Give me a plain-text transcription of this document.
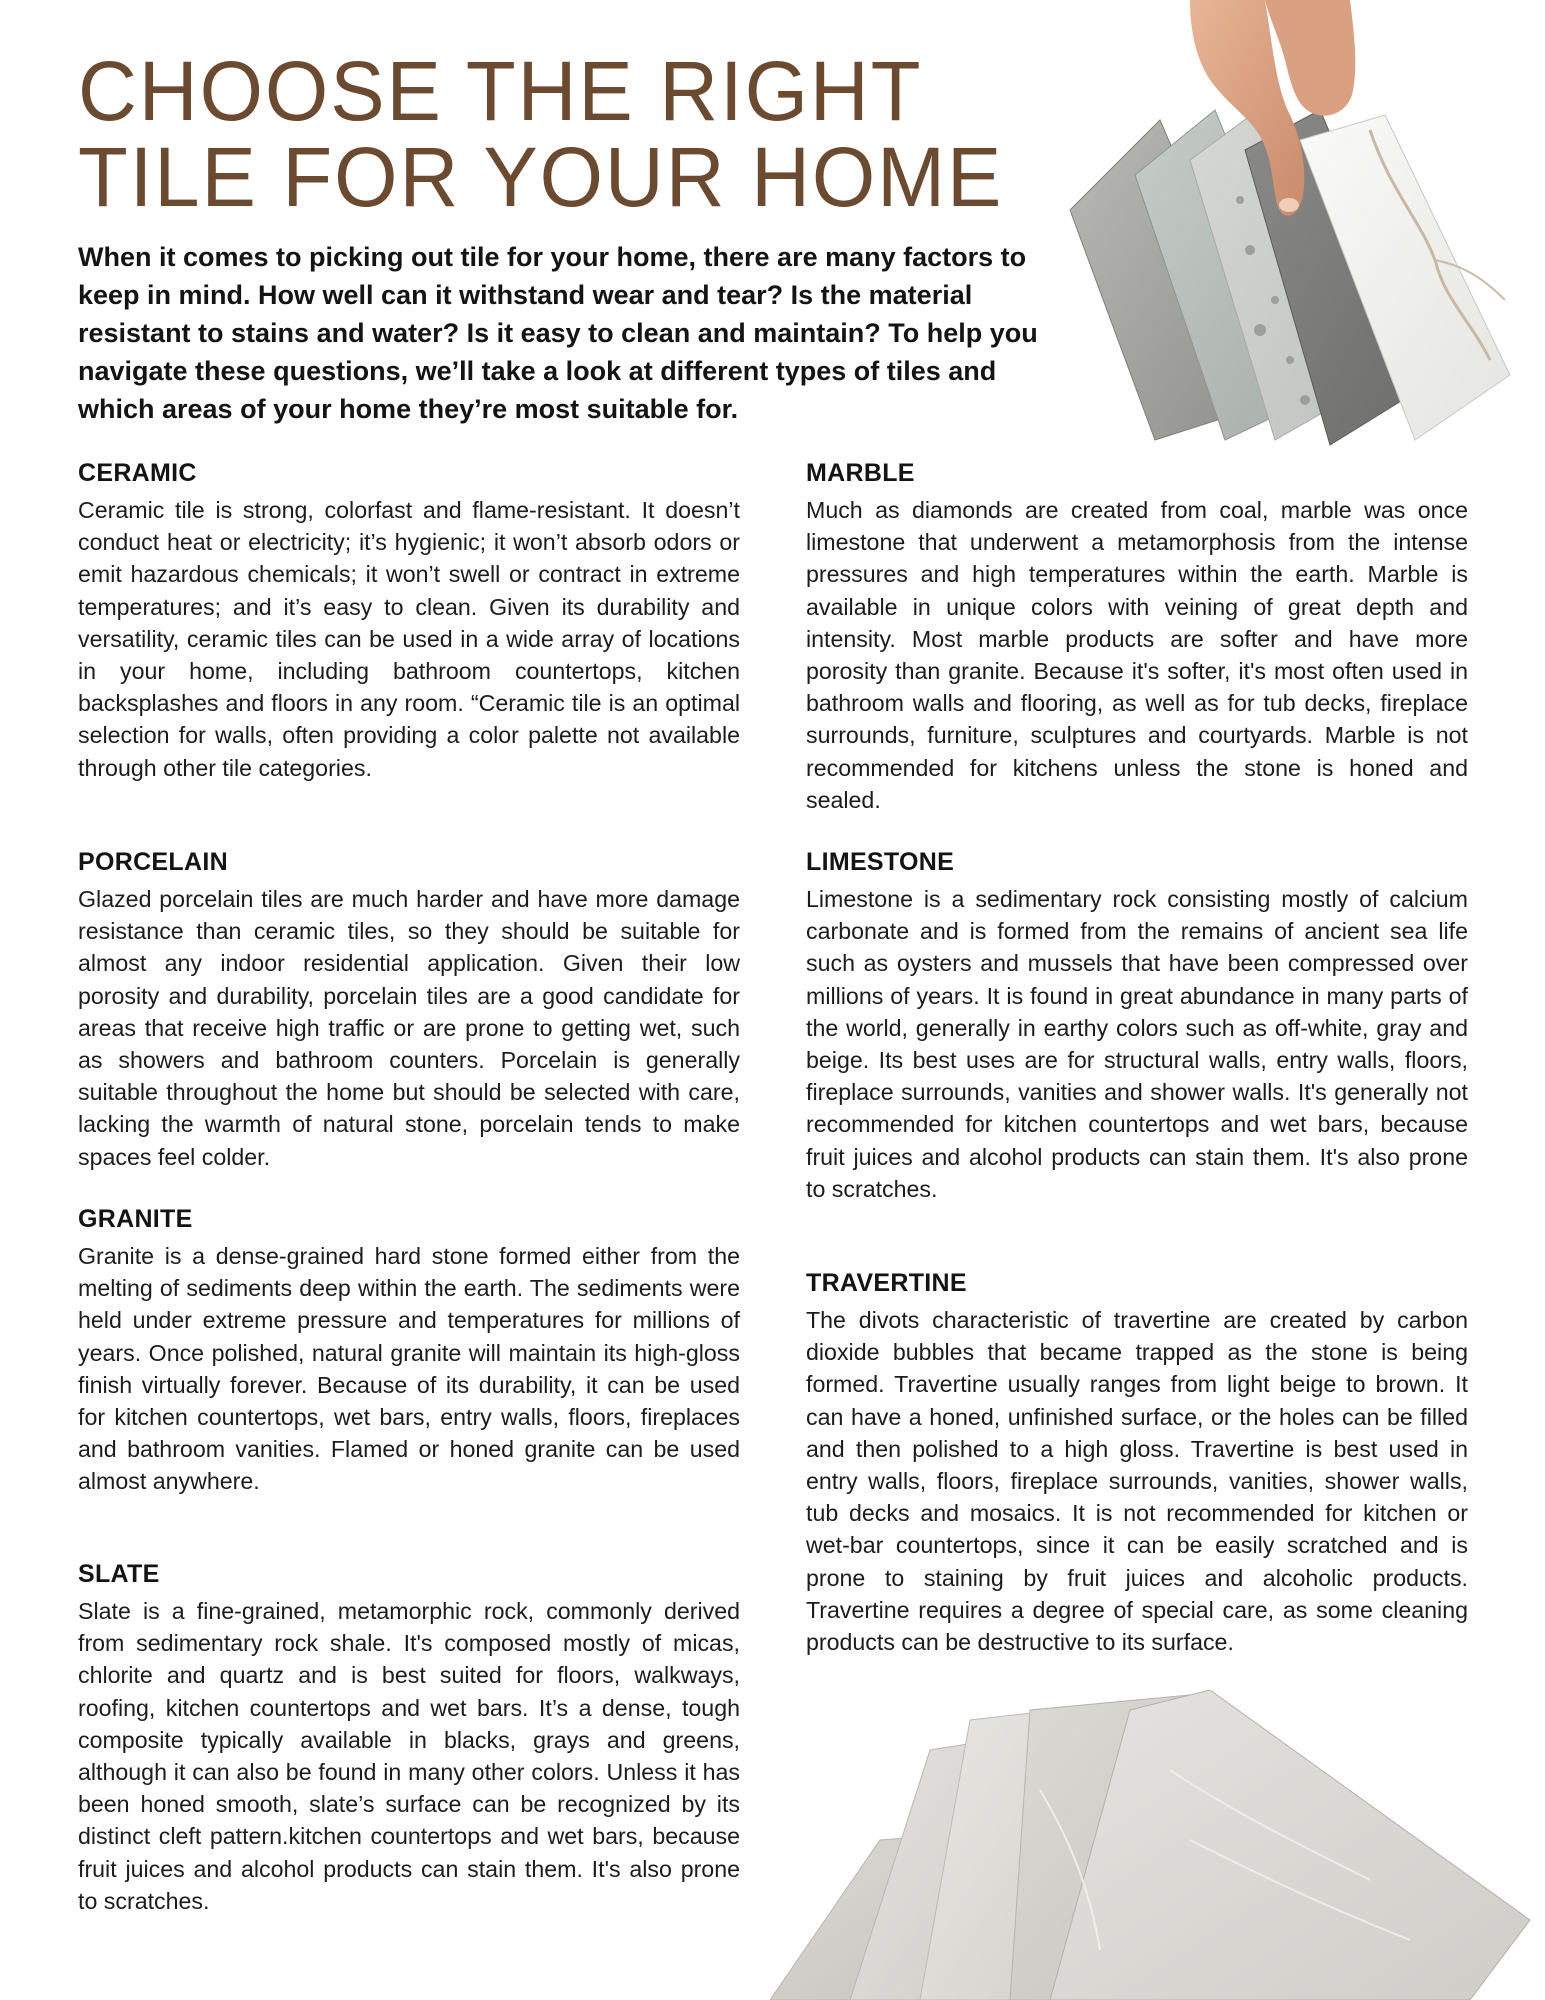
CHOOSE THE RIGHT
TILE FOR YOUR HOME

When it comes to picking out tile for your home, there are many factors to keep in mind. How well can it withstand wear and tear? Is the material resistant to stains and water? Is it easy to clean and maintain? To help you navigate these questions, we’ll take a look at different types of tiles and which areas of your home they’re most suitable for.

CERAMIC

Ceramic tile is strong, colorfast and flame-resistant. It doesn’t conduct heat or electricity; it’s hygienic; it won’t absorb odors or emit hazardous chemicals; it won’t swell or contract in extreme temperatures; and it’s easy to clean. Given its durability and versatility, ceramic tiles can be used in a wide array of locations in your home, including bathroom countertops, kitchen backsplashes and floors in any room. “Ceramic tile is an optimal selection for walls, often providing a color palette not available through other tile categories.

PORCELAIN

Glazed porcelain tiles are much harder and have more damage resistance than ceramic tiles, so they should be suitable for almost any indoor residential application. Given their low porosity and durability, porcelain tiles are a good candidate for areas that receive high traffic or are prone to getting wet, such as showers and bathroom counters. Porcelain is generally suitable throughout the home but should be selected with care, lacking the warmth of natural stone, porcelain tends to make spaces feel colder.

GRANITE

Granite is a dense-grained hard stone formed either from the melting of sediments deep within the earth. The sediments were held under extreme pressure and temperatures for millions of years. Once polished, natural granite will maintain its high-gloss finish virtually forever. Because of its durability, it can be used for kitchen countertops, wet bars, entry walls, floors, fireplaces and bathroom vanities. Flamed or honed granite can be used almost anywhere.

SLATE

Slate is a fine-grained, metamorphic rock, commonly derived from sedimentary rock shale. It's composed mostly of micas, chlorite and quartz and is best suited for floors, walkways, roofing, kitchen countertops and wet bars. It’s a dense, tough composite typically available in blacks, grays and greens, although it can also be found in many other colors. Unless it has been honed smooth, slate’s surface can be recognized by its distinct cleft pattern.kitchen countertops and wet bars, because fruit juices and alcohol products can stain them. It's also prone to scratches.

MARBLE

Much as diamonds are created from coal, marble was once limestone that underwent a metamorphosis from the intense pressures and high temperatures within the earth. Marble is available in unique colors with veining of great depth and intensity. Most marble products are softer and have more porosity than granite. Because it's softer, it's most often used in bathroom walls and flooring, as well as for tub decks, fireplace surrounds, furniture, sculptures and courtyards. Marble is not recommended for kitchens unless the stone is honed and sealed.

LIMESTONE

Limestone is a sedimentary rock consisting mostly of calcium carbonate and is formed from the remains of ancient sea life such as oysters and mussels that have been compressed over millions of years. It is found in great abundance in many parts of the world, generally in earthy colors such as off-white, gray and beige. Its best uses are for structural walls, entry walls, floors, fireplace surrounds, vanities and shower walls. It's generally not recommended for kitchen countertops and wet bars, because fruit juices and alcohol products can stain them. It's also prone to scratches.

TRAVERTINE

The divots characteristic of travertine are created by carbon dioxide bubbles that became trapped as the stone is being formed. Travertine usually ranges from light beige to brown. It can have a honed, unfinished surface, or the holes can be filled and then polished to a high gloss. Travertine is best used in entry walls, floors, fireplace surrounds, vanities, shower walls, tub decks and mosaics. It is not recommended for kitchen or wet-bar countertops, since it can be easily scratched and is prone to staining by fruit juices and alcoholic products. Travertine requires a degree of special care, as some cleaning products can be destructive to its surface.
